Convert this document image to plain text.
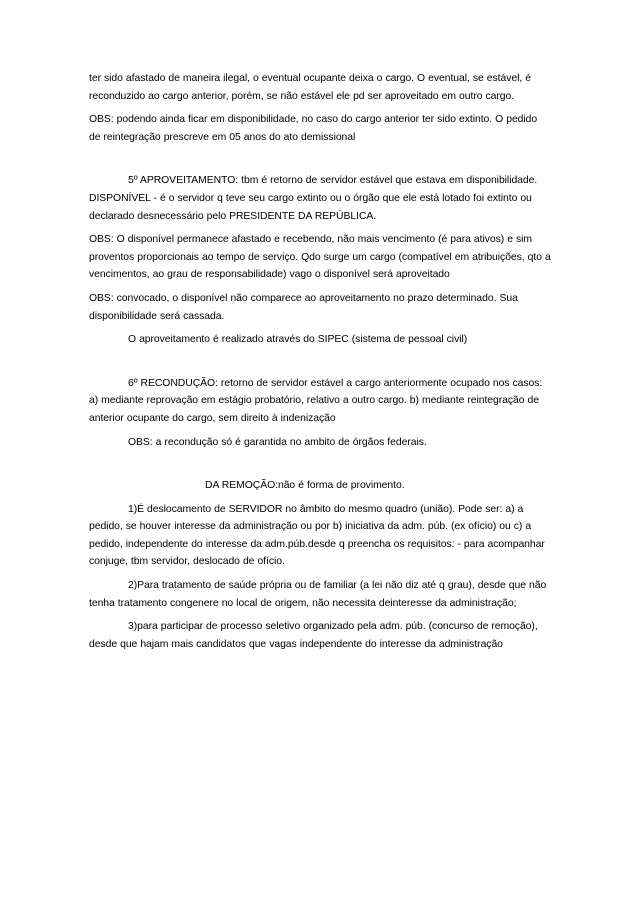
ter sido afastado de maneira ilegal, o eventual ocupante deixa o cargo. O eventual, se estável, é reconduzido ao cargo anterior, porém, se não estável ele pd ser aproveitado em outro cargo.

OBS: podendo ainda ficar em disponibilidade, no caso do cargo anterior ter sido extinto. O pedido de reintegração prescreve em 05 anos do ato demissional

5º APROVEITAMENTO: tbm é retorno de servidor estável que estava em disponibilidade. DISPONÍVEL - é o servidor q teve seu cargo extinto ou o órgão que ele está lotado foi extinto ou declarado desnecessário pelo PRESIDENTE DA REPÚBLICA.

OBS: O disponível permanece afastado e recebendo, não mais vencimento (é para ativos) e sim proventos proporcionais ao tempo de serviço. Qdo surge um cargo (compatível em atribuições, qto a vencimentos, ao grau de responsabilidade) vago o disponível será aproveitado

OBS: convocado, o disponível não comparece ao aproveitamento no prazo determinado. Sua disponibilidade será cassada.

O aproveitamento é realizado através do SIPEC (sistema de pessoal civil)

6º RECONDUÇÃO: retorno de servidor estável a cargo anteriormente ocupado nos casos: a) mediante reprovação em estágio probatório, relativo a outro cargo. b) mediante reintegração de anterior ocupante do cargo, sem direito à indenização

OBS: a recondução só é garantida no ambito de órgãos federais.

DA REMOÇÃO:não é forma de provimento.

1)É deslocamento de SERVIDOR no âmbito do mesmo quadro (união). Pode ser: a) a pedido, se houver interesse da administração ou por b) iniciativa da adm. púb. (ex ofício) ou c) a pedido, independente do interesse da adm.púb.desde q preencha os requisitos: - para acompanhar conjuge, tbm servidor, deslocado de ofício.

2)Para tratamento de saúde própria ou de familiar (a lei não diz até q grau), desde que não tenha tratamento congenere no local de origem, não necessita deinteresse da administração;

3)para participar de processo seletivo organizado pela adm. púb. (concurso de remoção), desde que hajam mais candidatos que vagas independente do interesse da administração
